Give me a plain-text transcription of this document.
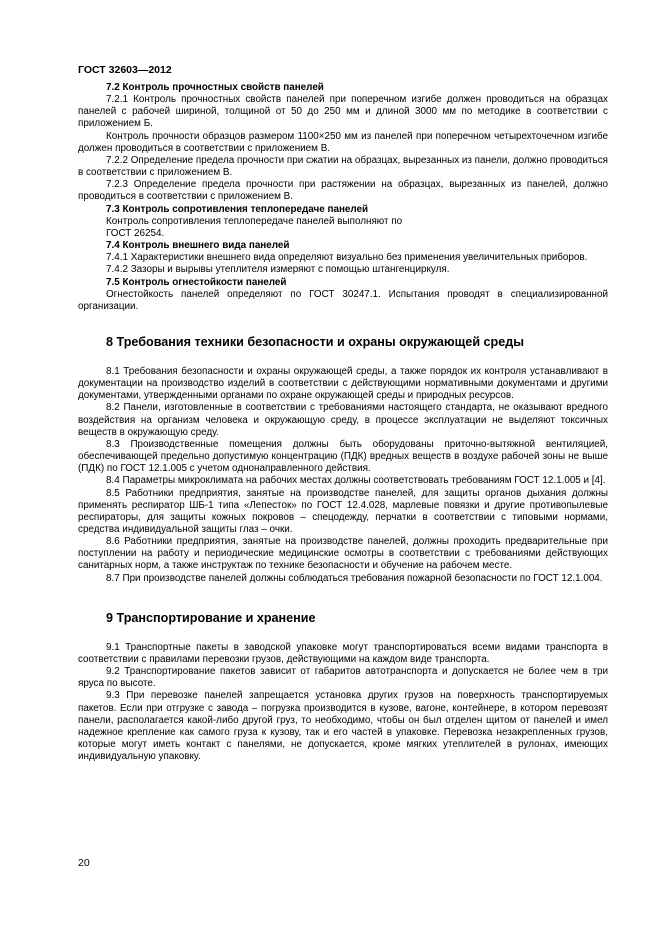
ГОСТ 32603—2012

7.2 Контроль прочностных свойств панелей

7.2.1 Контроль прочностных свойств панелей при поперечном изгибе должен проводиться на образцах панелей с рабочей шириной, толщиной от 50 до 250 мм и длиной 3000 мм по методике в соответствии с приложением Б.

Контроль прочности образцов размером 1100×250 мм из панелей при поперечном четырехточечном изгибе должен проводиться в соответствии с приложением В.

7.2.2 Определение предела прочности при сжатии на образцах, вырезанных из панели, должно проводиться в соответствии с приложением В.

7.2.3 Определение предела прочности при растяжении на образцах, вырезанных из панелей, должно проводиться в соответствии с приложением В.

7.3 Контроль сопротивления теплопередаче панелей

Контроль сопротивления теплопередаче панелей выполняют по

ГОСТ 26254.

7.4 Контроль внешнего вида панелей

7.4.1 Характеристики внешнего вида определяют визуально без применения увеличительных приборов.

7.4.2 Зазоры и вырывы утеплителя измеряют с помощью штангенциркуля.

7.5 Контроль огнестойкости панелей

Огнестойкость панелей определяют по ГОСТ 30247.1. Испытания проводят в специализированной организации.

8 Требования техники безопасности и охраны окружающей среды

8.1 Требования безопасности и охраны окружающей среды, а также порядок их контроля устанавливают в документации на производство изделий в соответствии с действующими нормативными документами и другими документами, утвержденными органами по охране окружающей среды и природных ресурсов.

8.2 Панели, изготовленные в соответствии с требованиями настоящего стандарта, не оказывают вредного воздействия на организм человека и окружающую среду, в процессе эксплуатации не выделяют токсичных веществ в окружающую среду.

8.3 Производственные помещения должны быть оборудованы приточно-вытяжной вентиляцией, обеспечивающей предельно допустимую концентрацию (ПДК) вредных веществ в воздухе рабочей зоны не выше (ПДК) по ГОСТ 12.1.005 с учетом однонаправленного действия.

8.4 Параметры микроклимата на рабочих местах должны соответствовать требованиям ГОСТ 12.1.005 и [4].

8.5 Работники предприятия, занятые на производстве панелей, для защиты органов дыхания должны применять респиратор ШБ-1 типа «Лепесток» по ГОСТ 12.4.028, марлевые повязки и другие противопылевые респираторы, для защиты кожных покровов – спецодежду, перчатки в соответствии с типовыми нормами, средства индивидуальной защиты глаз – очки.

8.6 Работники предприятия, занятые на производстве панелей, должны проходить предварительные при поступлении на работу и периодические медицинские осмотры в соответствии с требованиями действующих санитарных норм, а также инструктаж по технике безопасности и обучение на рабочем месте.

8.7 При производстве панелей должны соблюдаться требования пожарной безопасности по ГОСТ 12.1.004.

9 Транспортирование и хранение

9.1 Транспортные пакеты в заводской упаковке могут транспортироваться всеми видами транспорта в соответствии с правилами перевозки грузов, действующими на каждом виде транспорта.

9.2 Транспортирование пакетов зависит от габаритов автотранспорта и допускается не более чем в три яруса по высоте.

9.3 При перевозке панелей запрещается установка других грузов на поверхность транспортируемых пакетов. Если при отгрузке с завода – погрузка производится в кузове, вагоне, контейнере, в котором перевозят панели, располагается какой-либо другой груз, то необходимо, чтобы он был отделен щитом от панелей и имел надежное крепление как самого груза к кузову, так и его частей в упаковке. Перевозка незакрепленных грузов, которые могут иметь контакт с панелями, не допускается, кроме мягких утеплителей в рулонах, имеющих индивидуальную упаковку.

20
